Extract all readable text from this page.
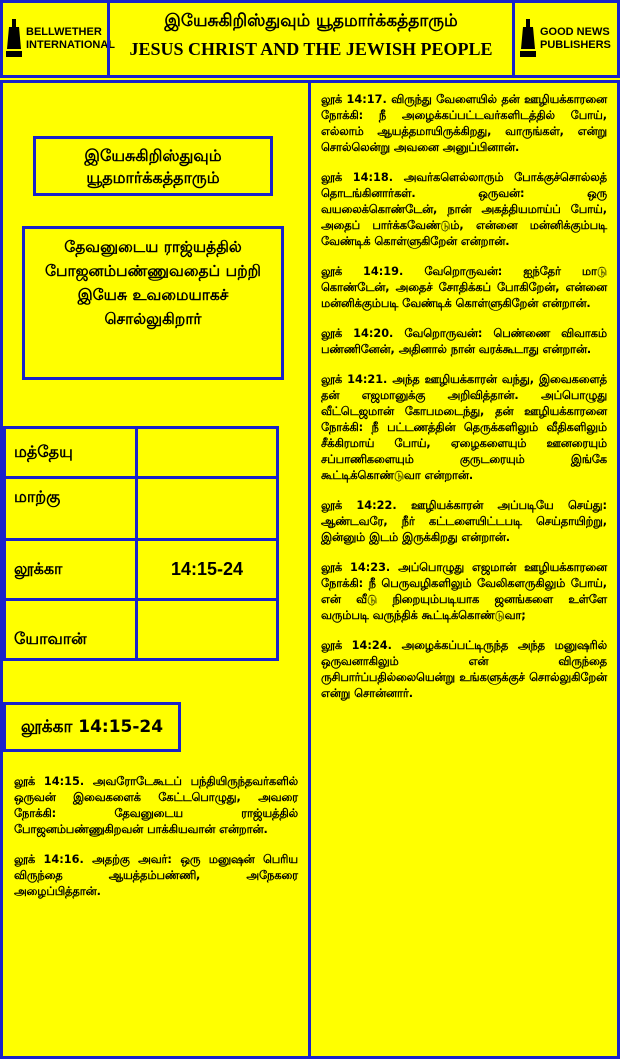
BELLWETHER INTERNATIONAL
இயேசுகிறிஸ்துவும் யூதமார்க்கத்தாரும்
JESUS CHRIST AND THE JEWISH PEOPLE
GOOD NEWS PUBLISHERS
இயேசுகிறிஸ்துவும்
யூதமார்க்கத்தாரும்
தேவனுடைய ராஜ்யத்தில் போஜனம்பண்ணுவதைப் பற்றி இயேசு உவமையாகச் சொல்லுகிறார்
மத்தேயு	
மாற்கு	
லூக்கா	14:15-24
யோவான்	
லூக்கா 14:15-24

லூக் 14:15. அவரோடேகூடப் பந்தியிருந்தவர்களில் ஒருவன் இவைகளைக் கேட்டபொழுது, அவரை நோக்கி: தேவனுடைய ராஜ்யத்தில் போஜனம்பண்ணுகிறவன் பாக்கியவான் என்றான்.

லூக் 14:16. அதற்கு அவர்: ஒரு மனுஷன் பெரிய விருந்தை ஆயத்தம்பண்ணி, அநேகரை அழைப்பித்தான்.

லூக் 14:17. விருந்து வேளையில் தன் ஊழியக்காரனை நோக்கி: நீ அழைக்கப்பட்டவர்களிடத்தில் போய், எல்லாம் ஆயத்தமாயிருக்கிறது, வாருங்கள், என்று சொல்லென்று அவனை அனுப்பினான்.

லூக் 14:18. அவர்களெல்லாரும் போக்குச்சொல்லத் தொடங்கினார்கள். ஒருவன்: ஒரு வயலைக்கொண்டேன், நான் அகத்தியமாய்ப் போய், அதைப் பார்க்கவேண்டும், என்னை மன்னிக்கும்படி வேண்டிக் கொள்ளுகிறேன் என்றான்.

லூக் 14:19. வேறொருவன்: ஐந்தேர் மாடு கொண்டேன், அதைச் சோதிக்கப் போகிறேன், என்னை மன்னிக்கும்படி வேண்டிக் கொள்ளுகிறேன் என்றான்.

லூக் 14:20. வேறொருவன்: பெண்ணை விவாகம் பண்ணினேன், அதினால் நான் வரக்கூடாது என்றான்.

லூக் 14:21. அந்த ஊழியக்காரன் வந்து, இவைகளைத் தன் எஜமானுக்கு அறிவித்தான். அப்பொழுது வீட்டெஜமான் கோபமடைந்து, தன் ஊழியக்காரனை நோக்கி: நீ பட்டணத்தின் தெருக்களிலும் வீதிகளிலும் சீக்கிரமாய் போய், ஏழைகளையும் ஊனரையும் சப்பாணிகளையும் குருடரையும் இங்கே கூட்டிக்கொண்டுவா என்றான்.

லூக் 14:22. ஊழியக்காரன் அப்படியே செய்து: ஆண்டவரே, நீர் கட்டளையிட்டபடி செய்தாயிற்று, இன்னும் இடம் இருக்கிறது என்றான்.

லூக் 14:23. அப்பொழுது எஜமான் ஊழியக்காரனை நோக்கி: நீ பெருவழிகளிலும் வேலிகளருகிலும் போய், என் வீடு நிறையும்படியாக ஜனங்களை உள்ளே வரும்படி வருந்திக் கூட்டிக்கொண்டுவா;

லூக் 14:24. அழைக்கப்பட்டிருந்த அந்த மனுஷரில் ஒருவனாகிலும் என் விருந்தை ருசிபார்ப்பதில்லையென்று உங்களுக்குச் சொல்லுகிறேன் என்று சொன்னார்.
